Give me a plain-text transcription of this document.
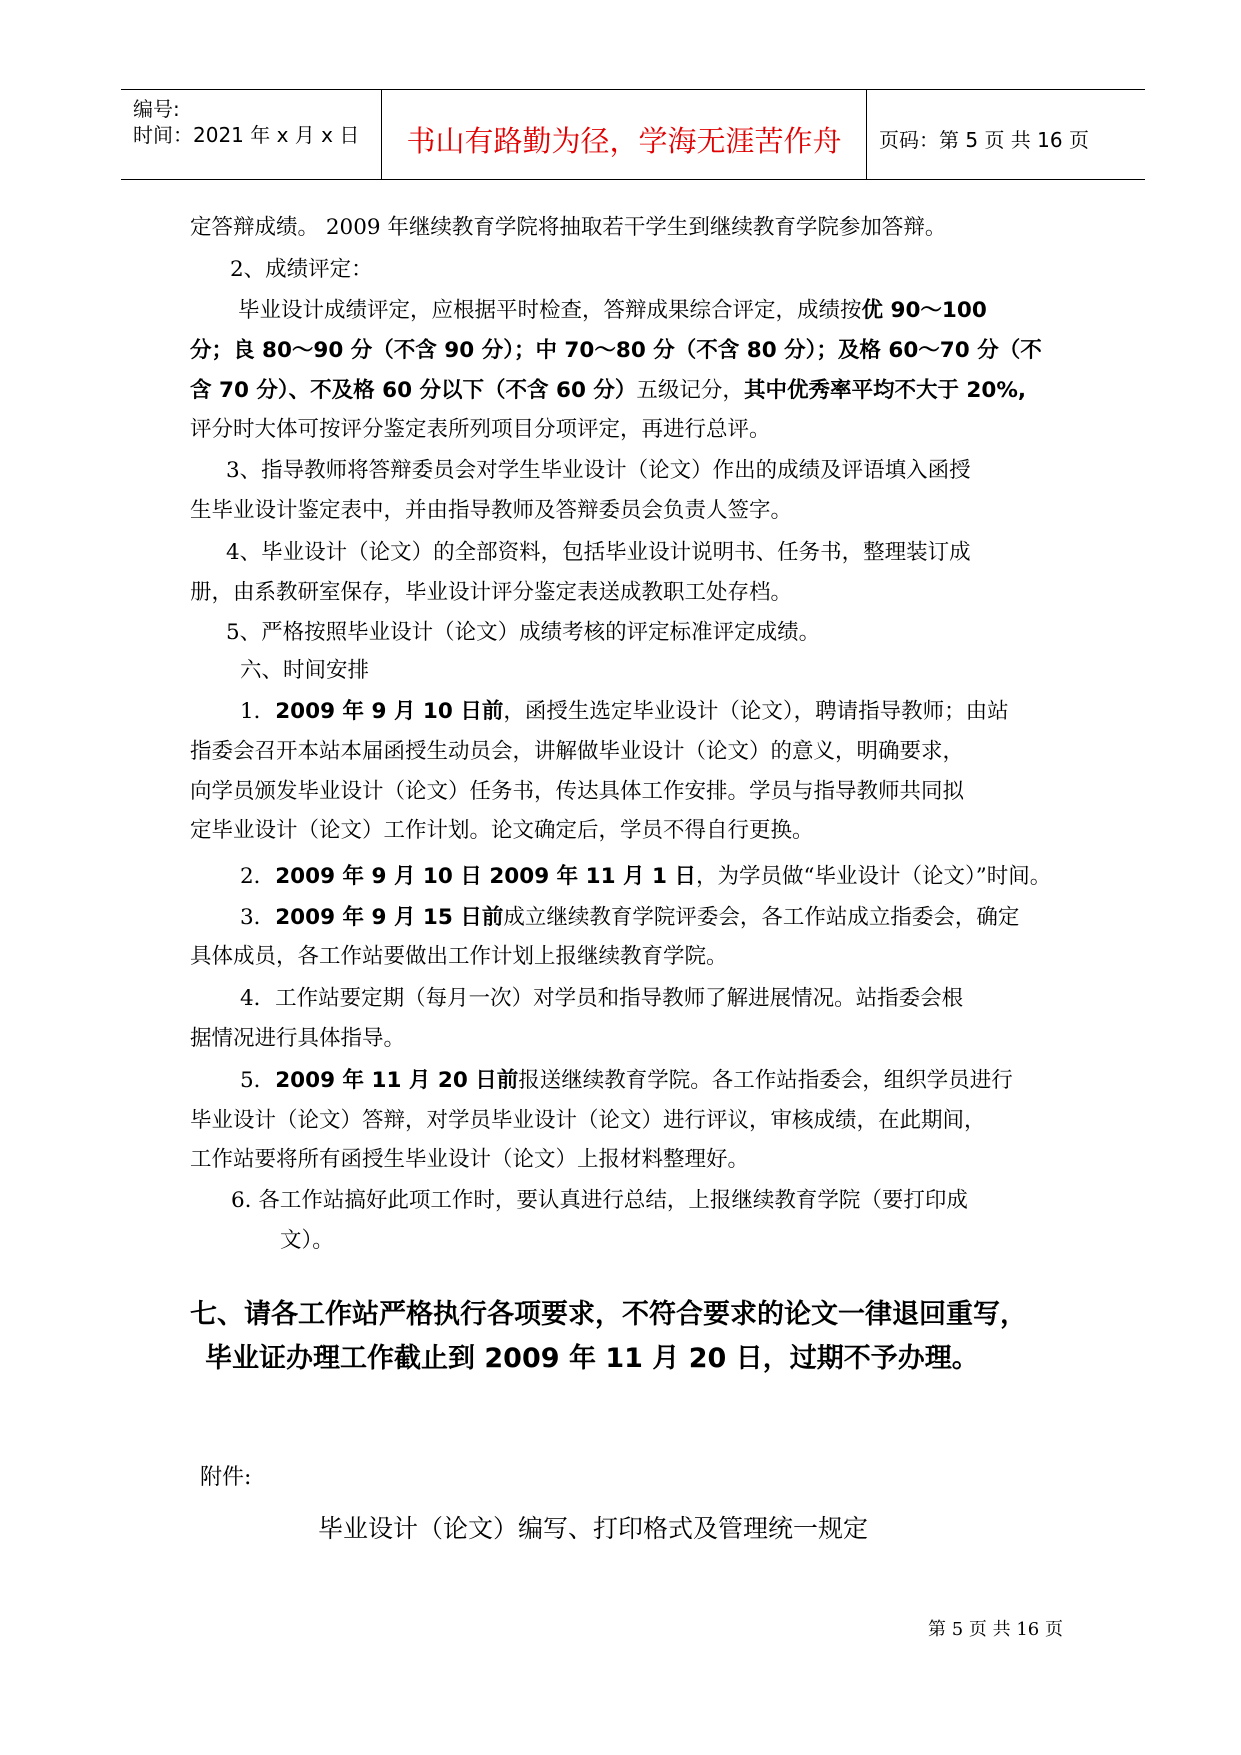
编号:
时间：2021 年 x 月 x 日	书山有路勤为径，学海无涯苦作舟	页码：第 5 页 共 16 页
定答辩成绩。 2009 年继续教育学院将抽取若干学生到继续教育学院参加答辩。
2、成绩评定：
毕业设计成绩评定，应根据平时检查，答辩成果综合评定，成绩按优 90～100
分；良 80～90 分（不含 90 分）；中 70～80 分（不含 80 分）；及格 60～70 分（不
含 70 分）、不及格 60 分以下（不含 60 分）五级记分，其中优秀率平均不大于 20%,
评分时大体可按评分鉴定表所列项目分项评定，再进行总评。
3、指导教师将答辩委员会对学生毕业设计（论文）作出的成绩及评语填入函授
生毕业设计鉴定表中，并由指导教师及答辩委员会负责人签字。
4、毕业设计（论文）的全部资料，包括毕业设计说明书、任务书，整理装订成
册，由系教研室保存，毕业设计评分鉴定表送成教职工处存档。
5、严格按照毕业设计（论文）成绩考核的评定标准评定成绩。
六、时间安排
1．2009 年 9 月 10 日前，函授生选定毕业设计（论文），聘请指导教师；由站
指委会召开本站本届函授生动员会，讲解做毕业设计（论文）的意义，明确要求，
向学员颁发毕业设计（论文）任务书，传达具体工作安排。学员与指导教师共同拟
定毕业设计（论文）工作计划。论文确定后，学员不得自行更换。
2．2009 年 9 月 10 日 2009 年 11 月 1 日，为学员做“毕业设计（论文）”时间。
3．2009 年 9 月 15 日前成立继续教育学院评委会，各工作站成立指委会，确定
具体成员，各工作站要做出工作计划上报继续教育学院。
4．工作站要定期（每月一次）对学员和指导教师了解进展情况。站指委会根
据情况进行具体指导。
5．2009 年 11 月 20 日前报送继续教育学院。各工作站指委会，组织学员进行
毕业设计（论文）答辩，对学员毕业设计（论文）进行评议，审核成绩，在此期间，
工作站要将所有函授生毕业设计（论文）上报材料整理好。
6. 各工作站搞好此项工作时，要认真进行总结，上报继续教育学院（要打印成
文）。
七、请各工作站严格执行各项要求，不符合要求的论文一律退回重写，
毕业证办理工作截止到 2009 年 11 月 20 日，过期不予办理。
附件:
毕业设计（论文）编写、打印格式及管理统一规定
第 5 页 共 16 页
